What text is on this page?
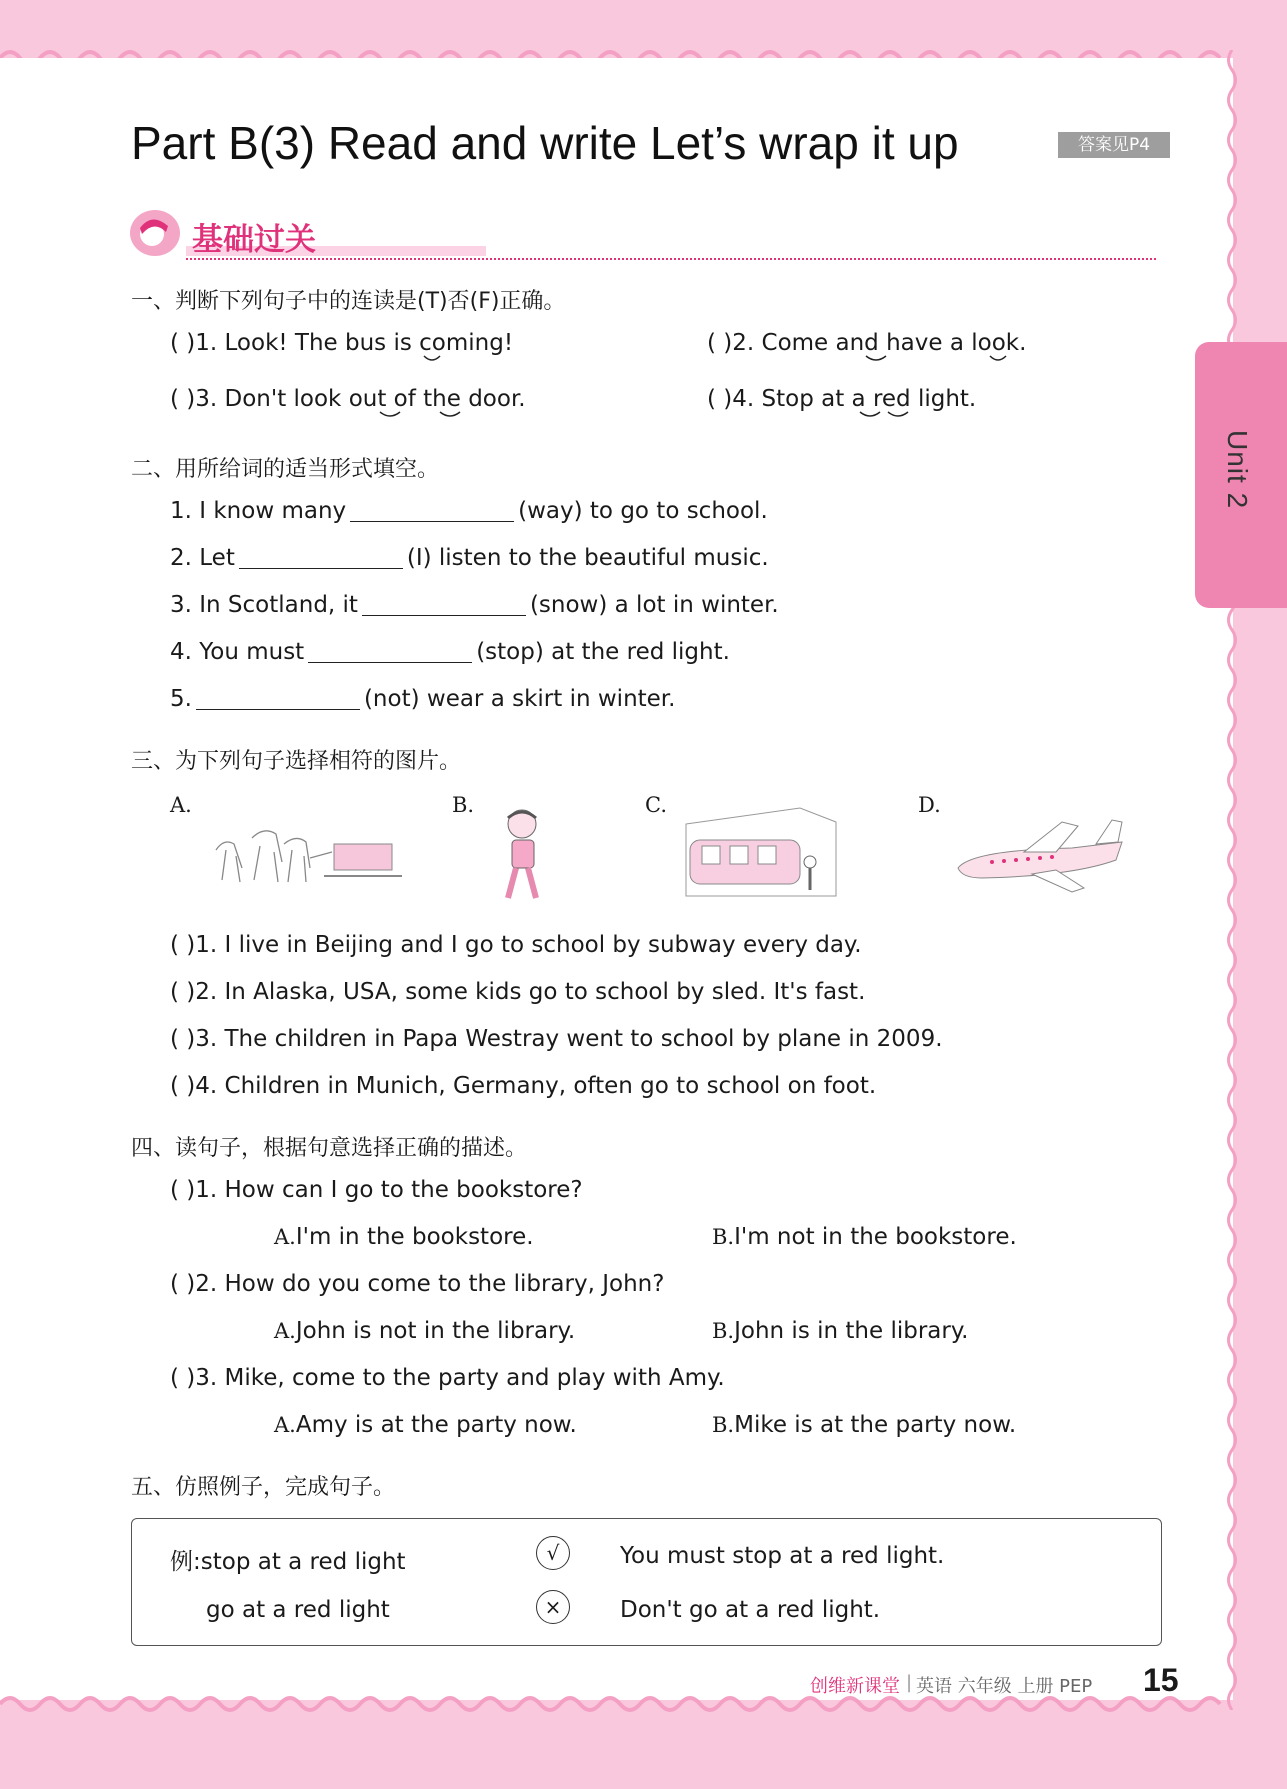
Unit 2
Part B(3) Read and write Let’s wrap it up	答案见P4
基础过关
一、判断下列句子中的连读是(T)否(F)正确。
( )1. Look! The bus is coming!	( )2. Come and have a look.
( )3. Don't look out of the door.	( )4. Stop at a red light.
二、用所给词的适当形式填空。
1. I know many	(way) to go to school.
2. Let	(I) listen to the beautiful music.
3. In Scotland, it	(snow) a lot in winter.
4. You must	(stop) at the red light.
5.	(not) wear a skirt in winter.
三、为下列句子选择相符的图片。
A.	B.	C.	D.
( )1. I live in Beijing and I go to school by subway every day.
( )2. In Alaska, USA, some kids go to school by sled. It's fast.
( )3. The children in Papa Westray went to school by plane in 2009.
( )4. Children in Munich, Germany, often go to school on foot.
四、读句子，根据句意选择正确的描述。
( )1. How can I go to the bookstore?
A.I'm in the bookstore.	B.I'm not in the bookstore.
( )2. How do you come to the library, John?
A.John is not in the library.	B.John is in the library.
( )3. Mike, come to the party and play with Amy.
A.Amy is at the party now.	B.Mike is at the party now.
五、仿照例子，完成句子。
例:stop at a red light	√	You must stop at a red light.
go at a red light	×	Don't go at a red light.
创维新课堂 | 英语 六年级 上册 PEP 15
